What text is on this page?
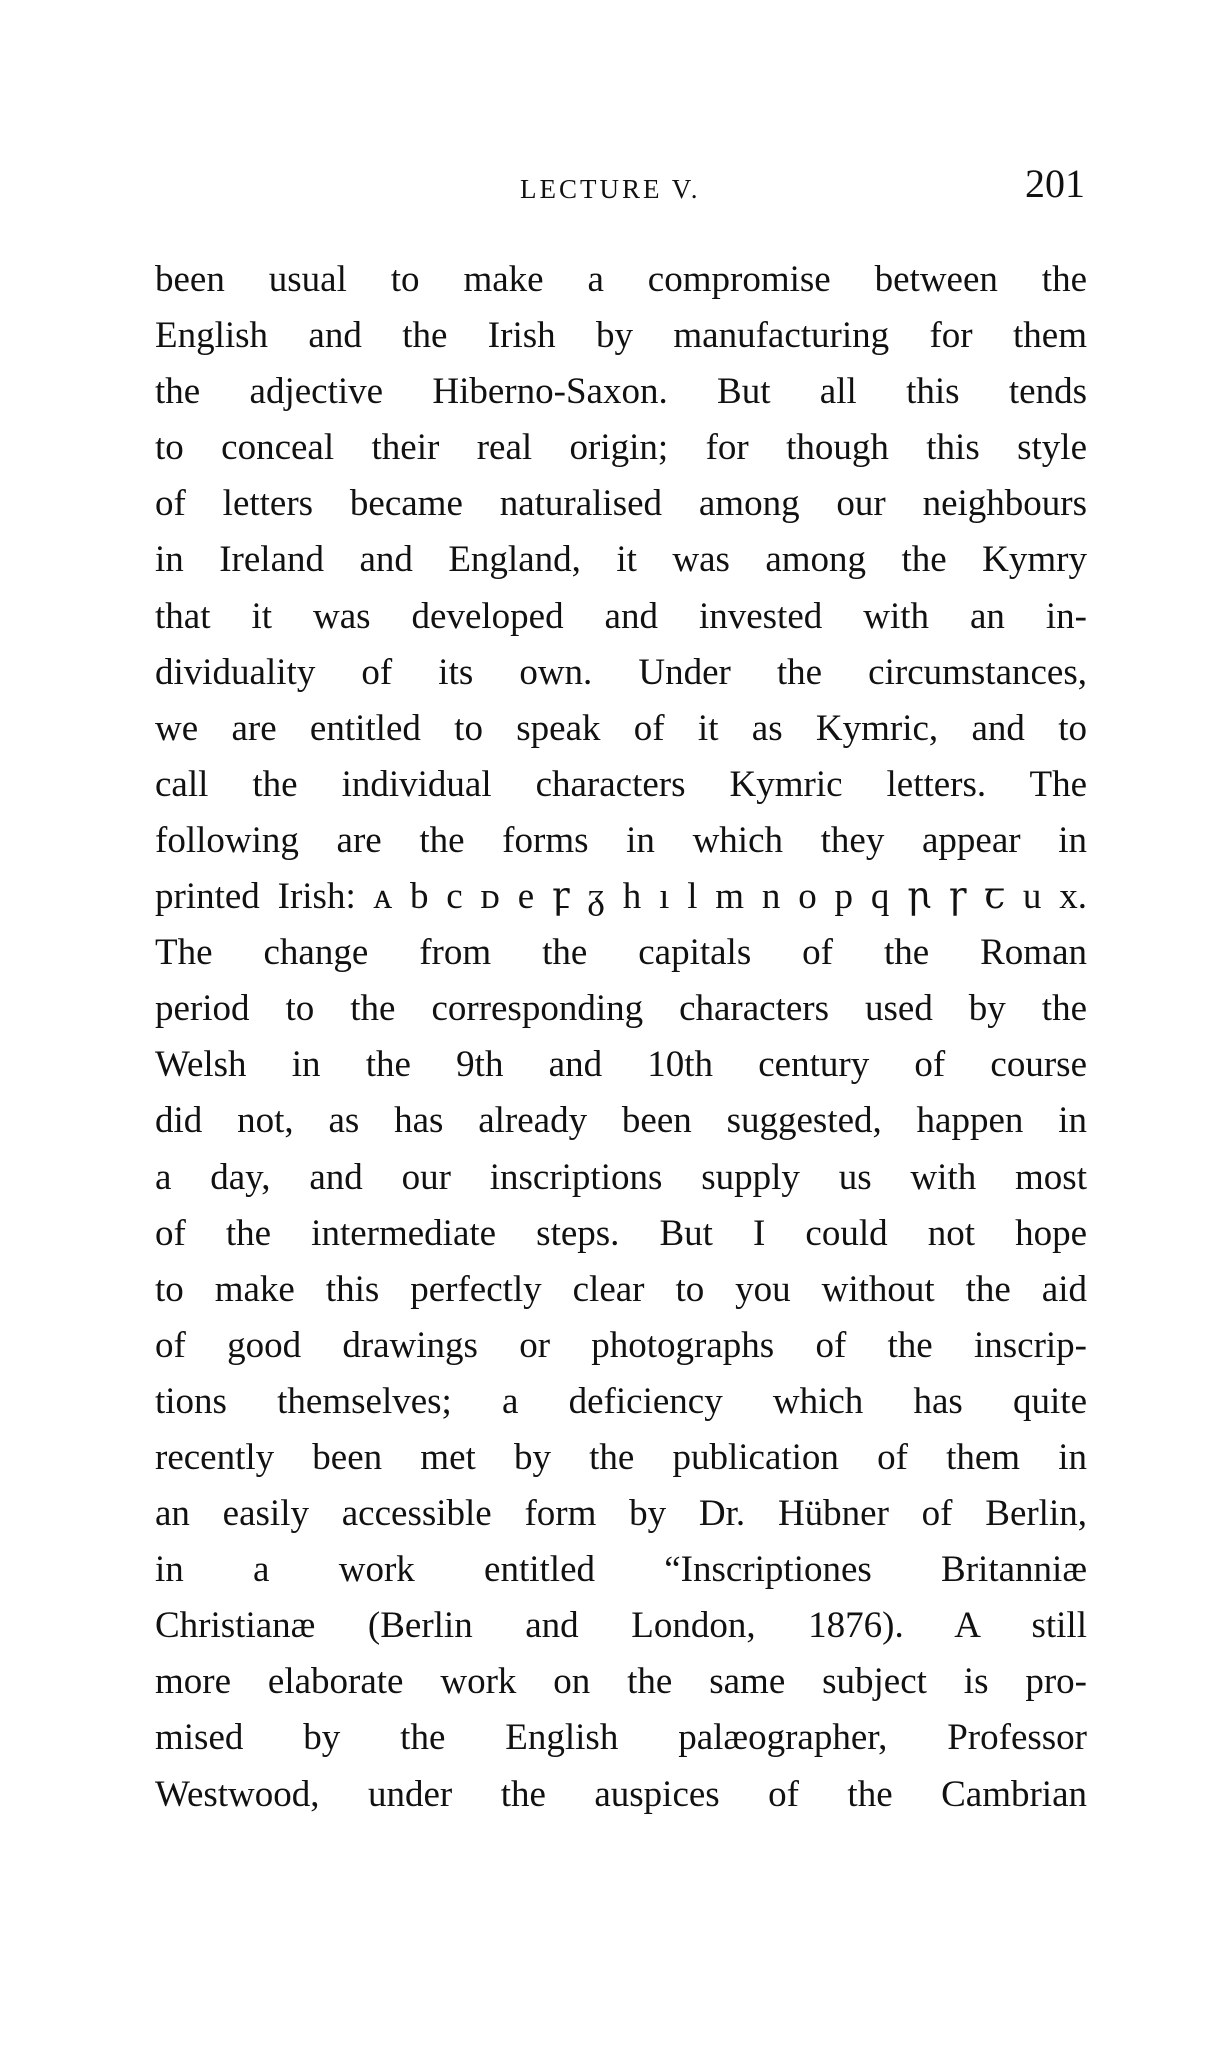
LECTURE V.	201
been usual to make a compromise between the
English and the Irish by manufacturing for them
the adjective Hiberno-Saxon. But all this tends
to conceal their real origin; for though this style
of letters became naturalised among our neighbours
in Ireland and England, it was among the Kymry
that it was developed and invested with an in-
dividuality of its own. Under the circumstances,
we are entitled to speak of it as Kymric, and to
call the individual characters Kymric letters. The
following are the forms in which they appear in
printed Irish: ᴀ b c ᴅ e ꝼ ᵹ h ı l m n o p q ꞃ ꞅ ꞇ u x.
The change from the capitals of the Roman
period to the corresponding characters used by the
Welsh in the 9th and 10th century of course
did not, as has already been suggested, happen in
a day, and our inscriptions supply us with most
of the intermediate steps. But I could not hope
to make this perfectly clear to you without the aid
of good drawings or photographs of the inscrip-
tions themselves; a deficiency which has quite
recently been met by the publication of them in
an easily accessible form by Dr. Hübner of Berlin,
in a work entitled “Inscriptiones Britanniæ
Christianæ (Berlin and London, 1876). A still
more elaborate work on the same subject is pro-
mised by the English palæographer, Professor
Westwood, under the auspices of the Cambrian
